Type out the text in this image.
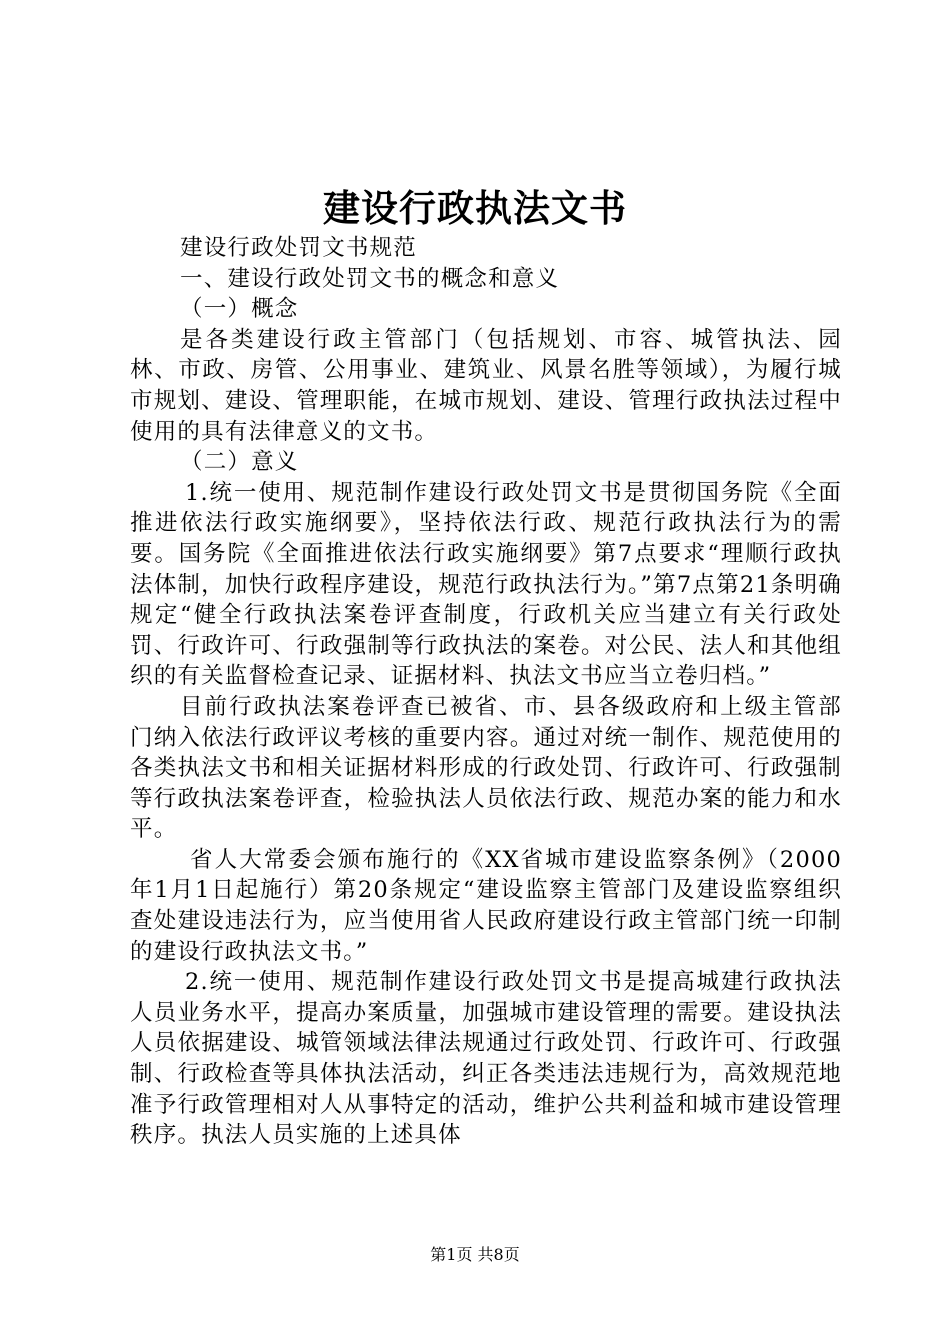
建设行政执法文书

建设行政处罚文书规范

一、建设行政处罚文书的概念和意义

（一）概念

是各类建设行政主管部门（包括规划、市容、城管执法、园林、市政、房管、公用事业、建筑业、风景名胜等领域），为履行城市规划、建设、管理职能，在城市规划、建设、管理行政执法过程中使用的具有法律意义的文书。

（二）意义

1.统一使用、规范制作建设行政处罚文书是贯彻国务院《全面推进依法行政实施纲要》，坚持依法行政、规范行政执法行为的需要。国务院《全面推进依法行政实施纲要》第7点要求“理顺行政执法体制，加快行政程序建设，规范行政执法行为。”第7点第21条明确规定“健全行政执法案卷评查制度，行政机关应当建立有关行政处罚、行政许可、行政强制等行政执法的案卷。对公民、法人和其他组织的有关监督检查记录、证据材料、执法文书应当立卷归档。”

目前行政执法案卷评查已被省、市、县各级政府和上级主管部门纳入依法行政评议考核的重要内容。通过对统一制作、规范使用的各类执法文书和相关证据材料形成的行政处罚、行政许可、行政强制等行政执法案卷评查，检验执法人员依法行政、规范办案的能力和水平。

省人大常委会颁布施行的《XX省城市建设监察条例》（2000年1月1日起施行）第20条规定“建设监察主管部门及建设监察组织查处建设违法行为，应当使用省人民政府建设行政主管部门统一印制的建设行政执法文书。”

2.统一使用、规范制作建设行政处罚文书是提高城建行政执法人员业务水平，提高办案质量，加强城市建设管理的需要。建设执法人员依据建设、城管领域法律法规通过行政处罚、行政许可、行政强制、行政检查等具体执法活动，纠正各类违法违规行为，高效规范地准予行政管理相对人从事特定的活动，维护公共利益和城市建设管理秩序。执法人员实施的上述具体

第1页 共8页
